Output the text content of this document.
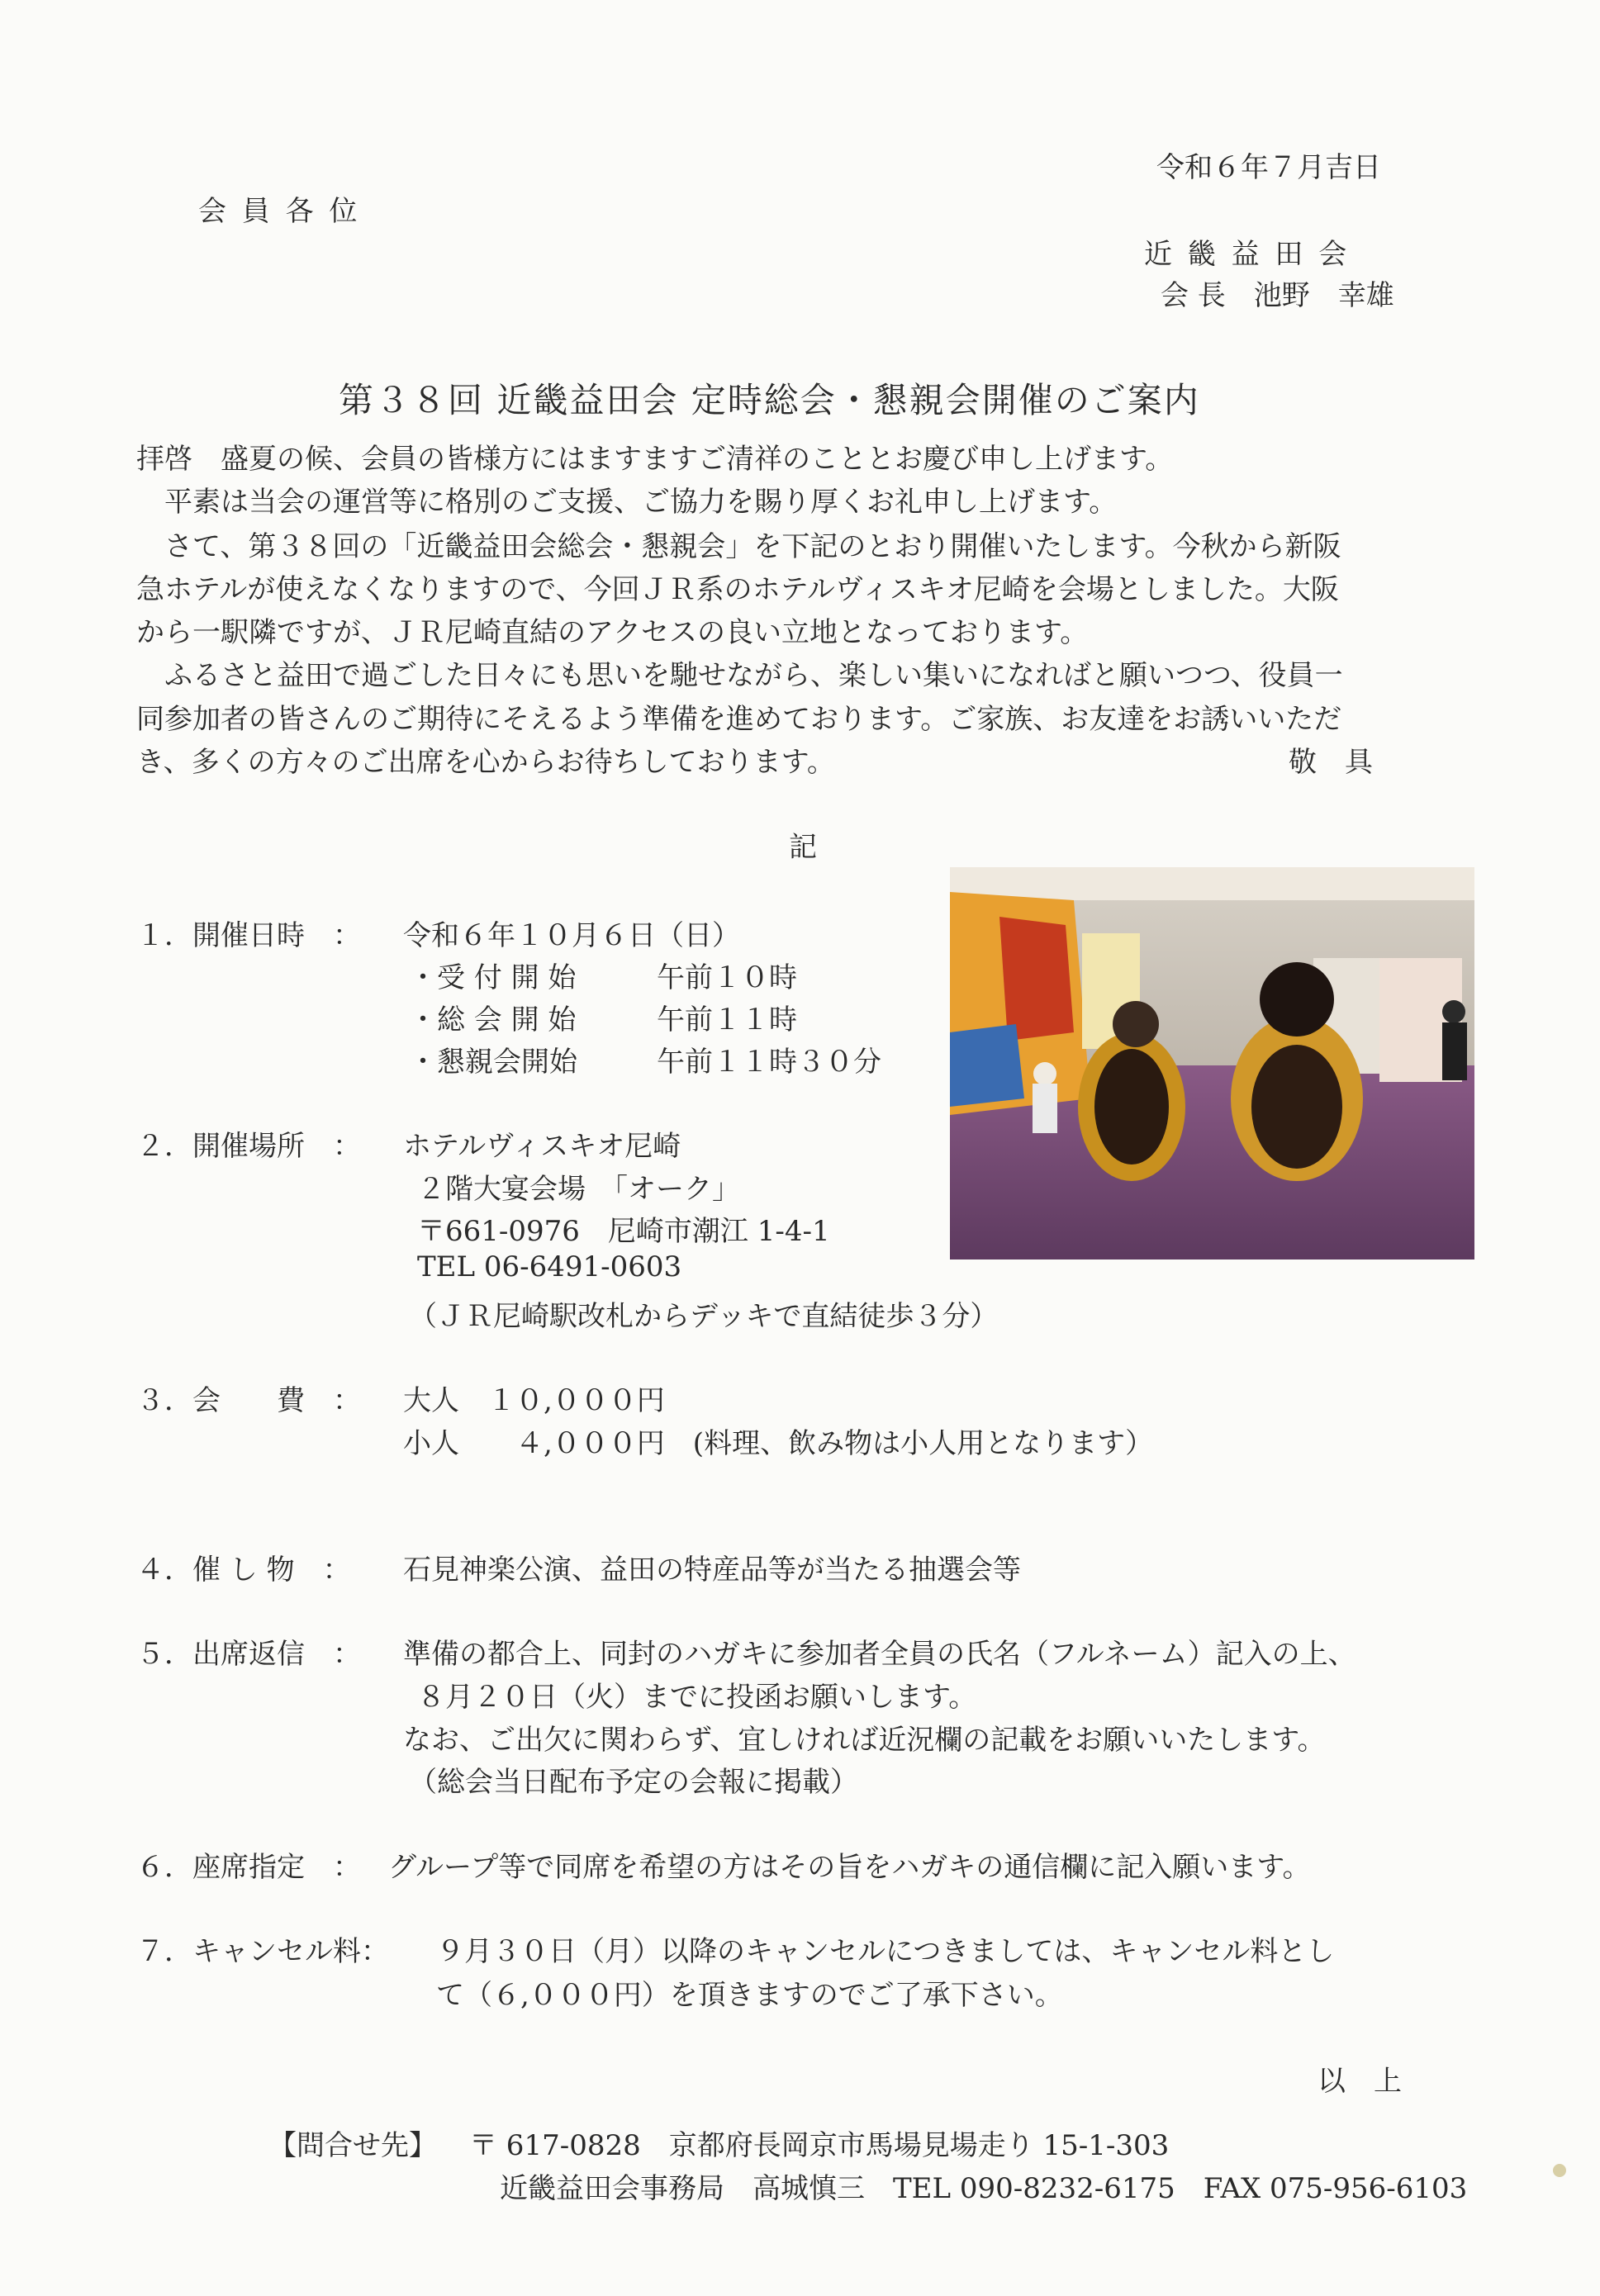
令和６年７月吉日
会 員 各 位
近 畿 益 田 会
会 長　池野　幸雄
第３８回 近畿益田会 定時総会・懇親会開催のご案内
拝啓　盛夏の候、会員の皆様方にはますますご清祥のこととお慶び申し上げます。
　平素は当会の運営等に格別のご支援、ご協力を賜り厚くお礼申し上げます。
　さて、第３８回の「近畿益田会総会・懇親会」を下記のとおり開催いたします。今秋から新阪
急ホテルが使えなくなりますので、今回ＪＲ系のホテルヴィスキオ尼崎を会場としました。大阪
から一駅隣ですが、ＪＲ尼崎直結のアクセスの良い立地となっております。
　ふるさと益田で過ごした日々にも思いを馳せながら、楽しい集いになればと願いつつ、役員一
同参加者の皆さんのご期待にそえるよう準備を進めております。ご家族、お友達をお誘いいただ
き、多くの方々のご出席を心からお待ちしております。	敬　具
記
１．開催日時　： 令和６年１０月６日（日）
・受 付 開 始	午前１０時
・総 会 開 始	午前１１時
・懇親会開始	午前１１時３０分
２．開催場所　： ホテルヴィスキオ尼崎
２階大宴会場　「オーク」
〒661-0976　尼崎市潮江 1-4-1
TEL 06-6491-0603
（ＪＲ尼崎駅改札からデッキで直結徒歩３分）
３．会　　費　： 大人　１０,０００円
小人　　４,０００円　(料理、飲み物は小人用となります）
４．催 し 物　： 石見神楽公演、益田の特産品等が当たる抽選会等
５．出席返信　： 準備の都合上、同封のハガキに参加者全員の氏名（フルネーム）記入の上、
８月２０日（火）までに投函お願いします。
なお、ご出欠に関わらず、宜しければ近況欄の記載をお願いいたします。
（総会当日配布予定の会報に掲載）
６．座席指定　： グループ等で同席を希望の方はその旨をハガキの通信欄に記入願います。
７．キャンセル料： ９月３０日（月）以降のキャンセルにつきましては、キャンセル料とし
て（６,０００円）を頂きますのでご了承下さい。
以　上
【問合せ先】 〒 617-0828　京都府長岡京市馬場見場走り 15-1-303
近畿益田会事務局　高城慎三　TEL 090-8232-6175　FAX 075-956-6103
